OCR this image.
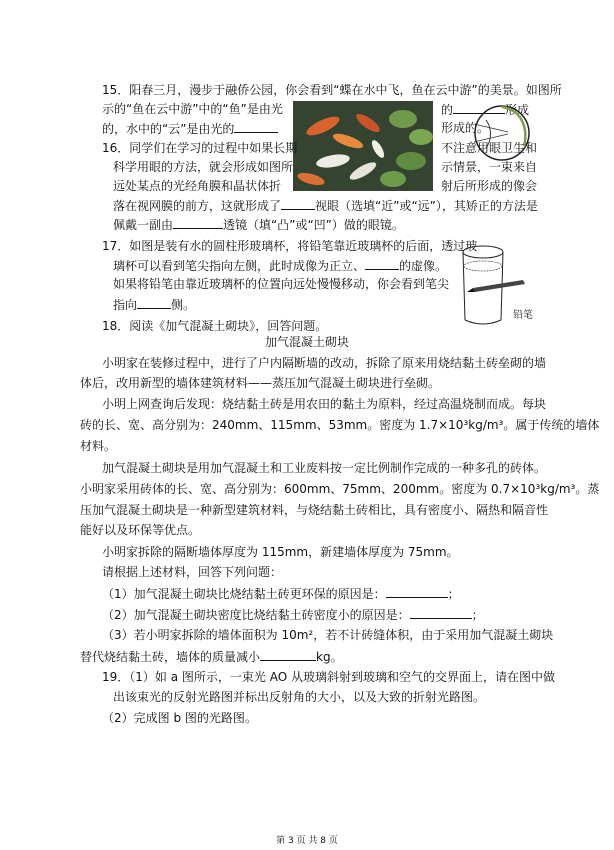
15．阳春三月，漫步于融侨公园，你会看到“蝶在水中飞，鱼在云中游”的美景。如图所
示的“鱼在云中游”中的“鱼”是由光	的	形成
的，水中的“云”是由光的	形成的。
16．同学们在学习的过程中如果长期	不注意用眼卫生和
科学用眼的方法，就会形成如图所	示情景，一束来自
远处某点的光经角膜和晶状体折	射后所形成的像会
落在视网膜的前方，这就形成了	视眼（选填“近”或“远”），其矫正的方法是
佩戴一副由	透镜（填“凸”或“凹”）做的眼镜。
17．如图是装有水的圆柱形玻璃杯，将铅笔靠近玻璃杯的后面，透过玻
璃杯可以看到笔尖指向左侧，此时成像为正立、	的虚像。
如果将铅笔由靠近玻璃杯的位置向远处慢慢移动，你会看到笔尖
指向	侧。
铅笔
18．阅读《加气混凝土砌块》，回答问题。
加气混凝土砌块
小明家在装修过程中，进行了户内隔断墙的改动，拆除了原来用烧结黏土砖垒砌的墙
体后，改用新型的墙体建筑材料——蒸压加气混凝土砌块进行垒砌。
小明上网查询后发现：烧结黏土砖是用农田的黏土为原料，经过高温烧制而成。每块
砖的长、宽、高分别为：240mm、115mm、53mm。密度为 1.7×10³kg/m³。属于传统的墙体
材料。
加气混凝土砌块是用加气混凝土和工业废料按一定比例制作完成的一种多孔的砖体。
小明家采用砖体的长、宽、高分别为：600mm、75mm、200mm。密度为 0.7×10³kg/m³。蒸
压加气混凝土砌块是一种新型建筑材料，与烧结黏土砖相比，具有密度小、隔热和隔音性
能好以及环保等优点。
小明家拆除的隔断墙体厚度为 115mm，新建墙体厚度为 75mm。
请根据上述材料，回答下列问题：
（1）加气混凝土砌块比烧结黏土砖更环保的原因是：	；
（2）加气混凝土砌块密度比烧结黏土砖密度小的原因是：	；
（3）若小明家拆除的墙体面积为 10m²，若不计砖缝体积，由于采用加气混凝土砌块
替代烧结黏土砖，墙体的质量减小	kg。
19．（1）如 a 图所示，一束光 AO 从玻璃斜射到玻璃和空气的交界面上，请在图中做
出该束光的反射光路图并标出反射角的大小，以及大致的折射光路图。
（2）完成图 b 图的光路图。
第 3 页 共 8 页
